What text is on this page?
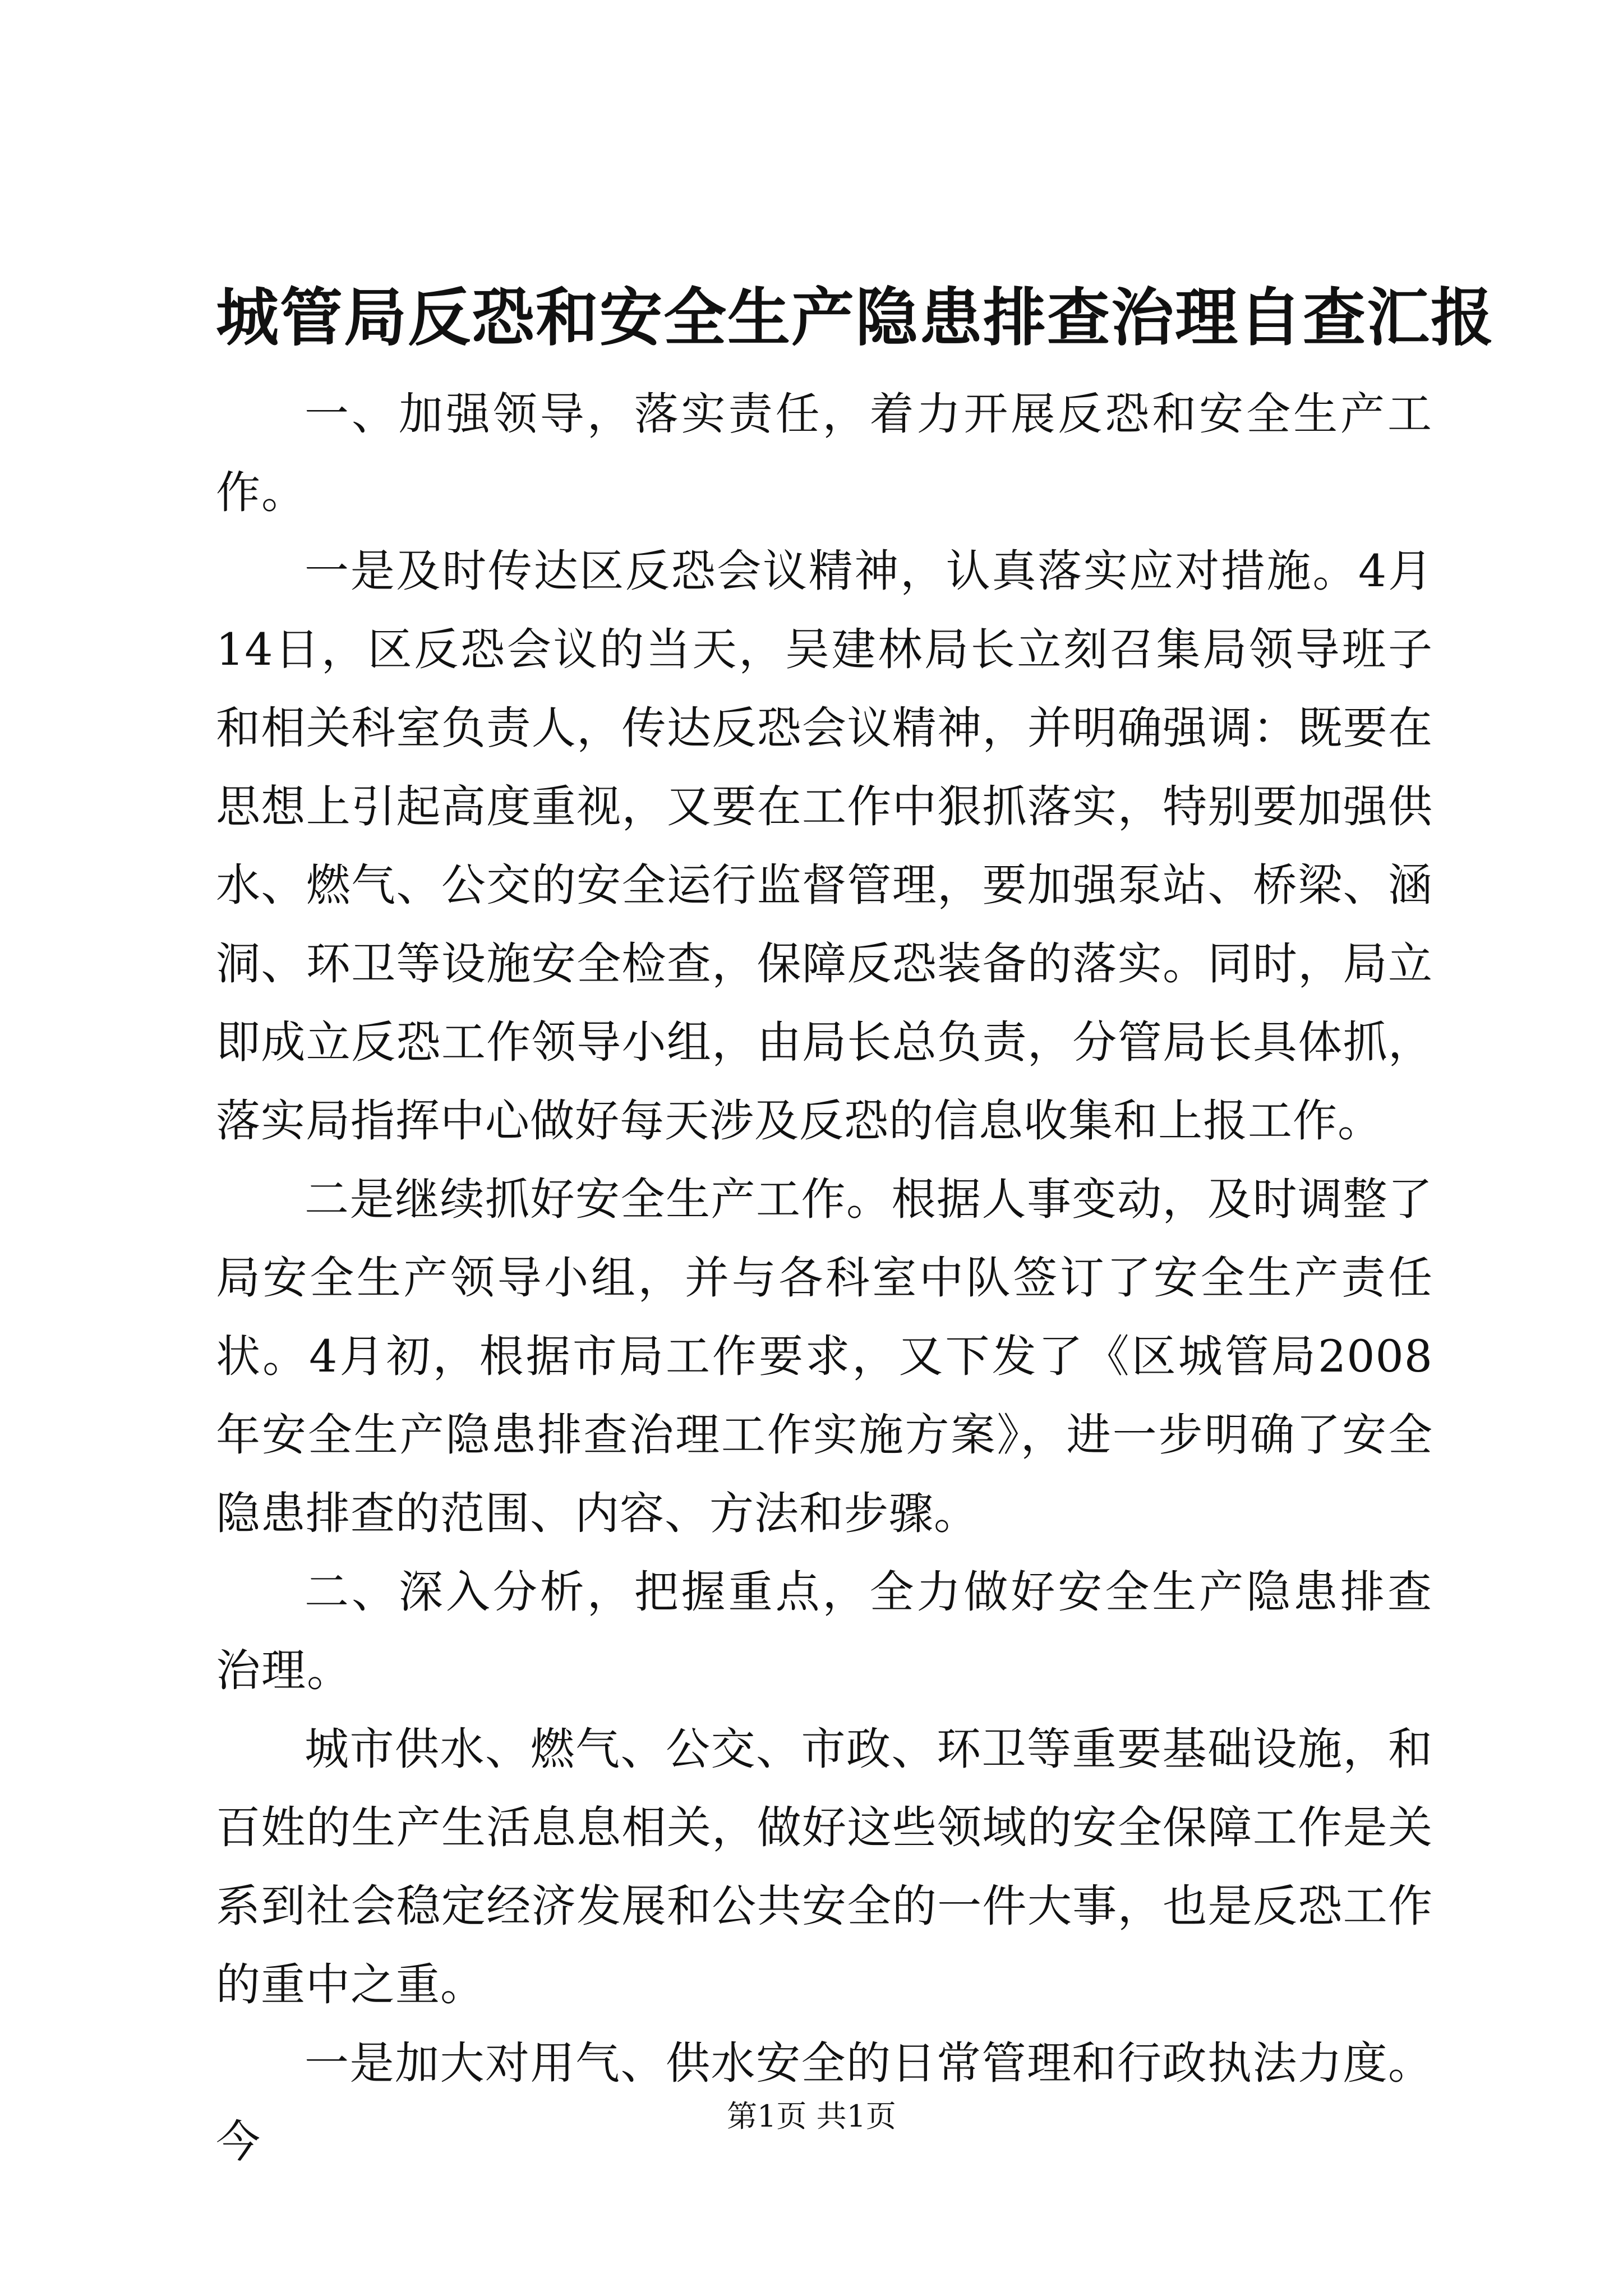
城管局反恐和安全生产隐患排查治理自查汇报

一、加强领导，落实责任，着力开展反恐和安全生产工作。

一是及时传达区反恐会议精神，认真落实应对措施。4月14日，区反恐会议的当天，吴建林局长立刻召集局领导班子和相关科室负责人，传达反恐会议精神，并明确强调：既要在思想上引起高度重视，又要在工作中狠抓落实，特别要加强供水、燃气、公交的安全运行监督管理，要加强泵站、桥梁、涵洞、环卫等设施安全检查，保障反恐装备的落实。同时，局立即成立反恐工作领导小组，由局长总负责，分管局长具体抓，落实局指挥中心做好每天涉及反恐的信息收集和上报工作。

二是继续抓好安全生产工作。根据人事变动，及时调整了局安全生产领导小组，并与各科室中队签订了安全生产责任状。4月初，根据市局工作要求，又下发了《区城管局2008年安全生产隐患排查治理工作实施方案》，进一步明确了安全隐患排查的范围、内容、方法和步骤。

二、深入分析，把握重点，全力做好安全生产隐患排查治理。

城市供水、燃气、公交、市政、环卫等重要基础设施，和百姓的生产生活息息相关，做好这些领域的安全保障工作是关系到社会稳定经济发展和公共安全的一件大事，也是反恐工作的重中之重。

一是加大对用气、供水安全的日常管理和行政执法力度。今	第1页 共1页
